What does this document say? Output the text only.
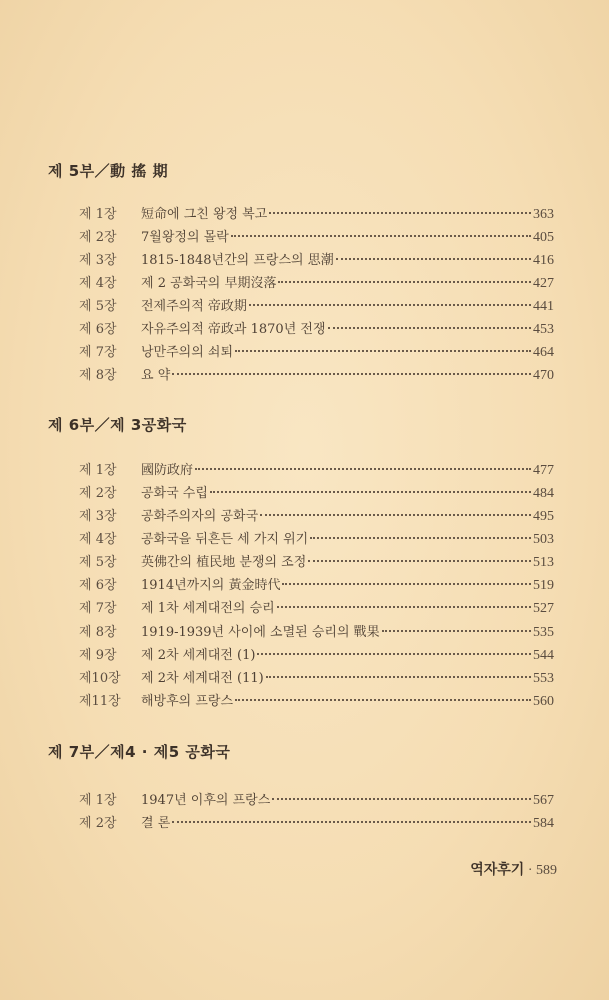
제 5부／動 搖 期
제 1장	短命에 그친 왕정 복고	363
제 2장	7월왕정의 몰락	405
제 3장	1815-1848년간의 프랑스의 思潮	416
제 4장	제 2 공화국의 早期沒落	427
제 5장	전제주의적 帝政期	441
제 6장	자유주의적 帝政과 1870년 전쟁	453
제 7장	낭만주의의 쇠퇴	464
제 8장	요 약	470
제 6부／제 3공화국
제 1장	國防政府	477
제 2장	공화국 수립	484
제 3장	공화주의자의 공화국	495
제 4장	공화국을 뒤흔든 세 가지 위기	503
제 5장	英佛간의 植民地 분쟁의 조정	513
제 6장	1914년까지의 黃金時代	519
제 7장	제 1차 세계대전의 승리	527
제 8장	1919-1939년 사이에 소멸된 승리의 戰果	535
제 9장	제 2차 세계대전 (1)	544
제10장	제 2차 세계대전 (11)	553
제11장	해방후의 프랑스	560
제 7부／제4 · 제5 공화국
제 1장	1947년 이후의 프랑스	567
제 2장	결 론	584
역자후기 · 589
